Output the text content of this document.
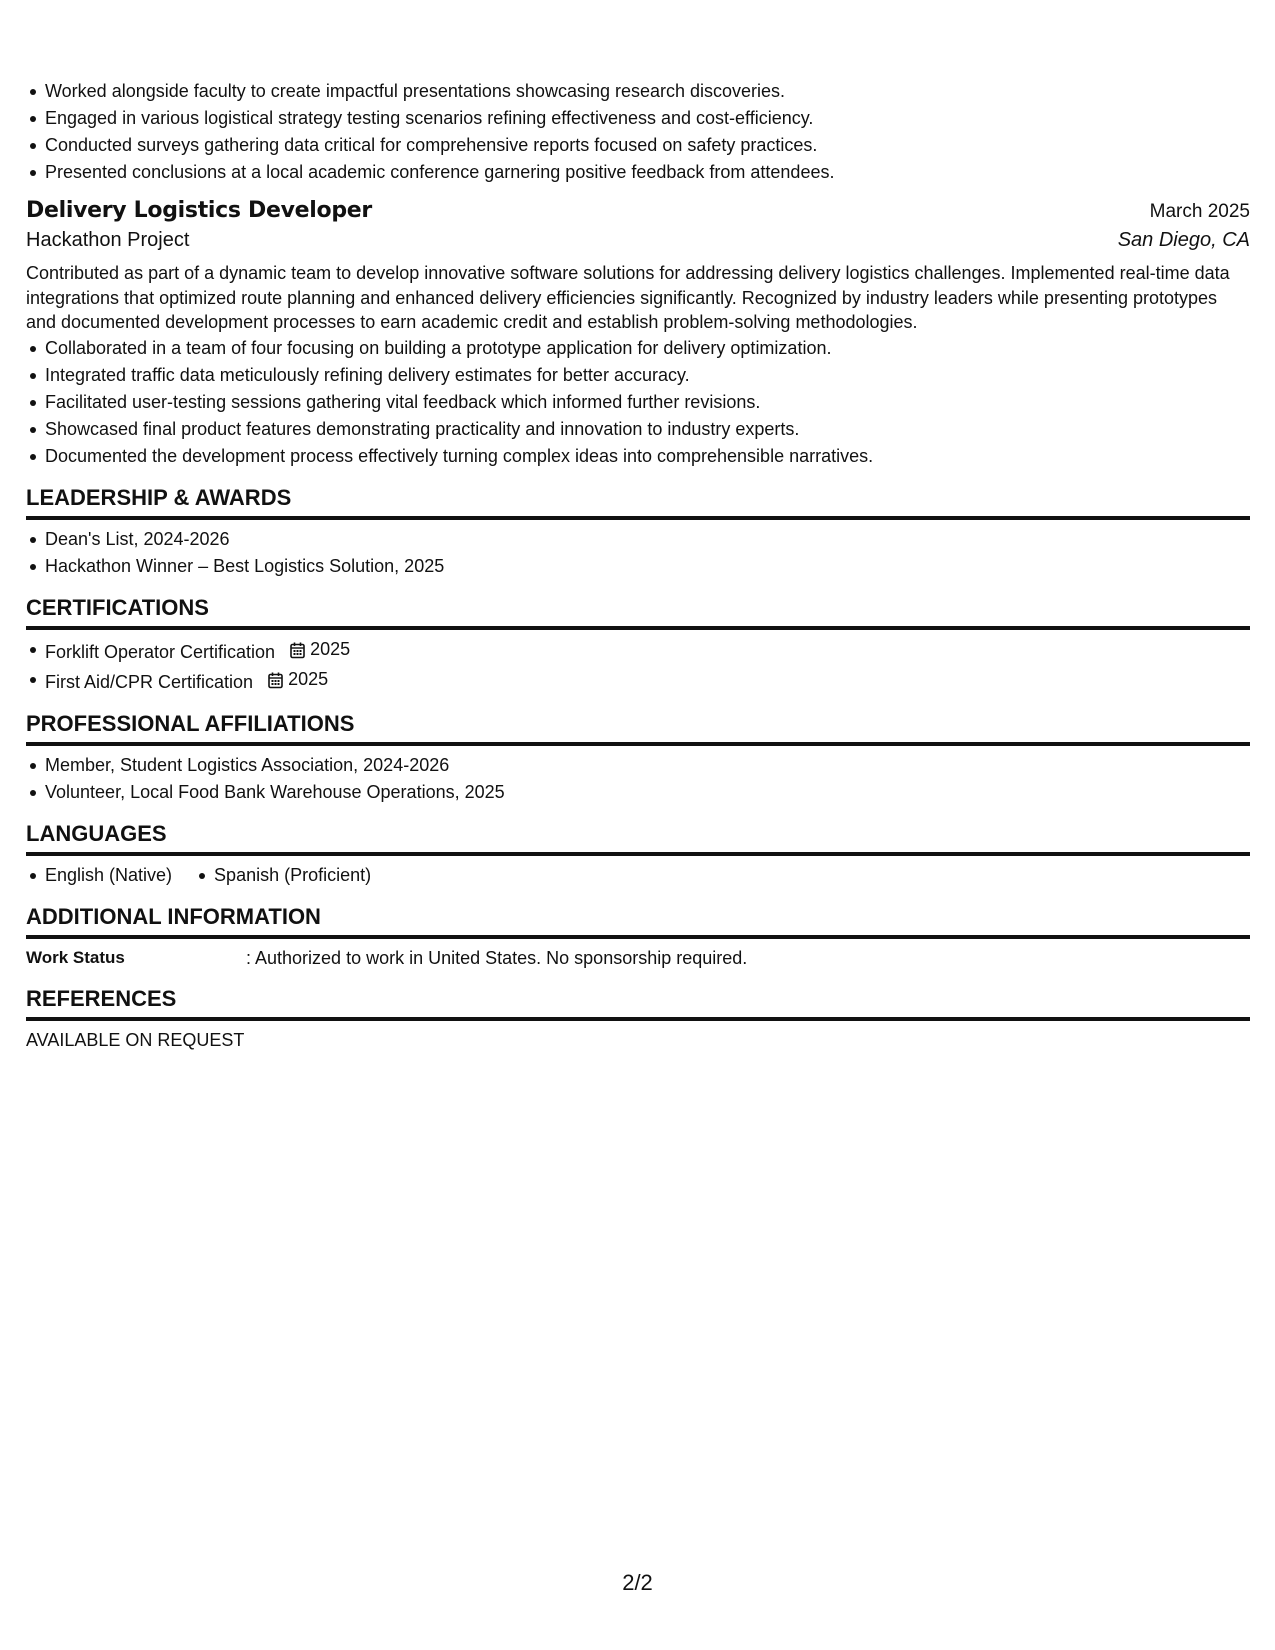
Worked alongside faculty to create impactful presentations showcasing research discoveries.
Engaged in various logistical strategy testing scenarios refining effectiveness and cost-efficiency.
Conducted surveys gathering data critical for comprehensive reports focused on safety practices.
Presented conclusions at a local academic conference garnering positive feedback from attendees.
Delivery Logistics Developer	March 2025
Hackathon Project	San Diego, CA
Contributed as part of a dynamic team to develop innovative software solutions for addressing delivery logistics challenges. Implemented real-time data integrations that optimized route planning and enhanced delivery efficiencies significantly. Recognized by industry leaders while presenting prototypes and documented development processes to earn academic credit and establish problem-solving methodologies.
Collaborated in a team of four focusing on building a prototype application for delivery optimization.
Integrated traffic data meticulously refining delivery estimates for better accuracy.
Facilitated user-testing sessions gathering vital feedback which informed further revisions.
Showcased final product features demonstrating practicality and innovation to industry experts.
Documented the development process effectively turning complex ideas into comprehensible narratives.
LEADERSHIP & AWARDS
Dean's List, 2024-2026
Hackathon Winner – Best Logistics Solution, 2025
CERTIFICATIONS
Forklift Operator Certification 2025
First Aid/CPR Certification 2025
PROFESSIONAL AFFILIATIONS
Member, Student Logistics Association, 2024-2026
Volunteer, Local Food Bank Warehouse Operations, 2025
LANGUAGES
English (Native) Spanish (Proficient)
ADDITIONAL INFORMATION
Work Status	: Authorized to work in United States. No sponsorship required.
REFERENCES
AVAILABLE ON REQUEST
2/2
